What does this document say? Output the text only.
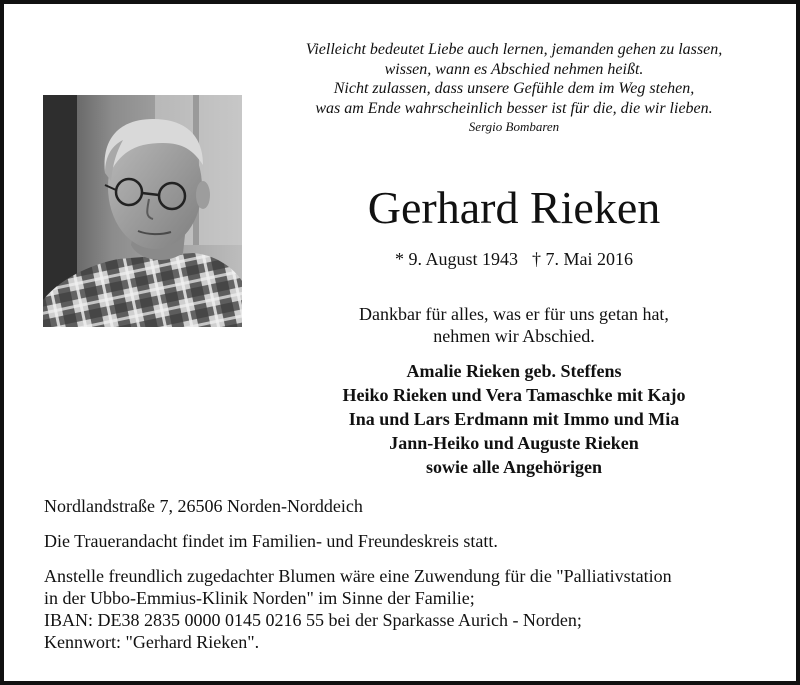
Vielleicht bedeutet Liebe auch lernen, jemanden gehen zu lassen,
wissen, wann es Abschied nehmen heißt.
Nicht zulassen, dass unsere Gefühle dem im Weg stehen,
was am Ende wahrscheinlich besser ist für die, die wir lieben.
Sergio Bombaren
Gerhard Rieken
* 9. August 1943 † 7. Mai 2016
Dankbar für alles, was er für uns getan hat,
nehmen wir Abschied.
Amalie Rieken geb. Steffens
Heiko Rieken und Vera Tamaschke mit Kajo
Ina und Lars Erdmann mit Immo und Mia
Jann-Heiko und Auguste Rieken
sowie alle Angehörigen

Nordlandstraße 7, 26506 Norden-Norddeich

Die Trauerandacht findet im Familien- und Freundeskreis statt.

Anstelle freundlich zugedachter Blumen wäre eine Zuwendung für die "Palliativstation
in der Ubbo-Emmius-Klinik Norden" im Sinne der Familie;
IBAN: DE38 2835 0000 0145 0216 55 bei der Sparkasse Aurich - Norden;
Kennwort: "Gerhard Rieken".
